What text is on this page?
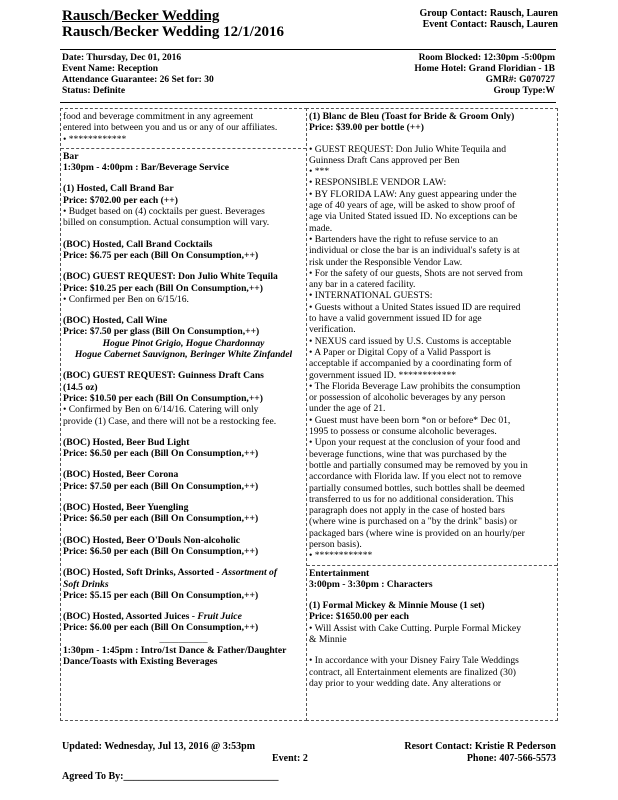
Rausch/Becker Wedding
Rausch/Becker Wedding 12/1/2016
Group Contact: Rausch, Lauren
Event Contact: Rausch, Lauren
Date: Thursday, Dec 01, 2016
Event Name: Reception
Attendance Guarantee: 26 Set for: 30
Status: Definite
Room Blocked: 12:30pm -5:00pm
Home Hotel: Grand Floridian - 1B
GMR#: G070727
Group Type:W

food and beverage commitment in any agreement

entered into between you and us or any of our affiliates.

• ************

Bar

1:30pm - 4:00pm : Bar/Beverage Service

(1) Hosted, Call Brand Bar

Price: $702.00 per each (++)

• Budget based on (4) cocktails per guest. Beverages

billed on consumption. Actual consumption will vary.

(BOC) Hosted, Call Brand Cocktails

Price: $6.75 per each (Bill On Consumption,++)

(BOC) GUEST REQUEST: Don Julio White Tequila

Price: $10.25 per each (Bill On Consumption,++)

• Confirmed per Ben on 6/15/16.

(BOC) Hosted, Call Wine

Price: $7.50 per glass (Bill On Consumption,++)

Hogue Pinot Grigio, Hogue Chardonnay

Hogue Cabernet Sauvignon, Beringer White Zinfandel

(BOC) GUEST REQUEST: Guinness Draft Cans

(14.5 oz)

Price: $10.50 per each (Bill On Consumption,++)

• Confirmed by Ben on 6/14/16. Catering will only

provide (1) Case, and there will not be a restocking fee.

(BOC) Hosted, Beer Bud Light

Price: $6.50 per each (Bill On Consumption,++)

(BOC) Hosted, Beer Corona

Price: $7.50 per each (Bill On Consumption,++)

(BOC) Hosted, Beer Yuengling

Price: $6.50 per each (Bill On Consumption,++)

(BOC) Hosted, Beer O'Douls Non-alcoholic

Price: $6.50 per each (Bill On Consumption,++)

(BOC) Hosted, Soft Drinks, Assorted - Assortment of

Soft Drinks

Price: $5.15 per each (Bill On Consumption,++)

(BOC) Hosted, Assorted Juices - Fruit Juice

Price: $6.00 per each (Bill On Consumption,++)

__________

1:30pm - 1:45pm : Intro/1st Dance & Father/Daughter

Dance/Toasts with Existing Beverages

(1) Blanc de Bleu (Toast for Bride & Groom Only)

Price: $39.00 per bottle (++)

• GUEST REQUEST: Don Julio White Tequila and

Guinness Draft Cans approved per Ben

• ***

• RESPONSIBLE VENDOR LAW:

• BY FLORIDA LAW: Any guest appearing under the

age of 40 years of age, will be asked to show proof of

age via United Stated issued ID. No exceptions can be

made.

• Bartenders have the right to refuse service to an

individual or close the bar is an individual's safety is at

risk under the Responsible Vendor Law.

• For the safety of our guests, Shots are not served from

any bar in a catered facility.

• INTERNATIONAL GUESTS:

• Guests without a United States issued ID are required

to have a valid government issued ID for age

verification.

• NEXUS card issued by U.S. Customs is acceptable

• A Paper or Digital Copy of a Valid Passport is

acceptable if accompanied by a coordinating form of

government issued ID. ************

• The Florida Beverage Law prohibits the consumption

or possession of alcoholic beverages by any person

under the age of 21.

• Guest must have been born *on or before* Dec 01,

1995 to possess or consume alcoholic beverages.

• Upon your request at the conclusion of your food and

beverage functions, wine that was purchased by the

bottle and partially consumed may be removed by you in

accordance with Florida law. If you elect not to remove

partially consumed bottles, such bottles shall be deemed

transferred to us for no additional consideration. This

paragraph does not apply in the case of hosted bars

(where wine is purchased on a "by the drink" basis) or

packaged bars (where wine is provided on an hourly/per

person basis).

• ************

Entertainment

3:00pm - 3:30pm : Characters

(1) Formal Mickey & Minnie Mouse (1 set)

Price: $1650.00 per each

• Will Assist with Cake Cutting. Purple Formal Mickey

& Minnie

• In accordance with your Disney Fairy Tale Weddings

contract, all Entertainment elements are finalized (30)

day prior to your wedding date. Any alterations or

Updated: Wednesday, Jul 13, 2016 @ 3:53pm	Resort Contact: Kristie R Pederson
Phone: 407-566-5573
Event: 2
Agreed To By:_______________________________
